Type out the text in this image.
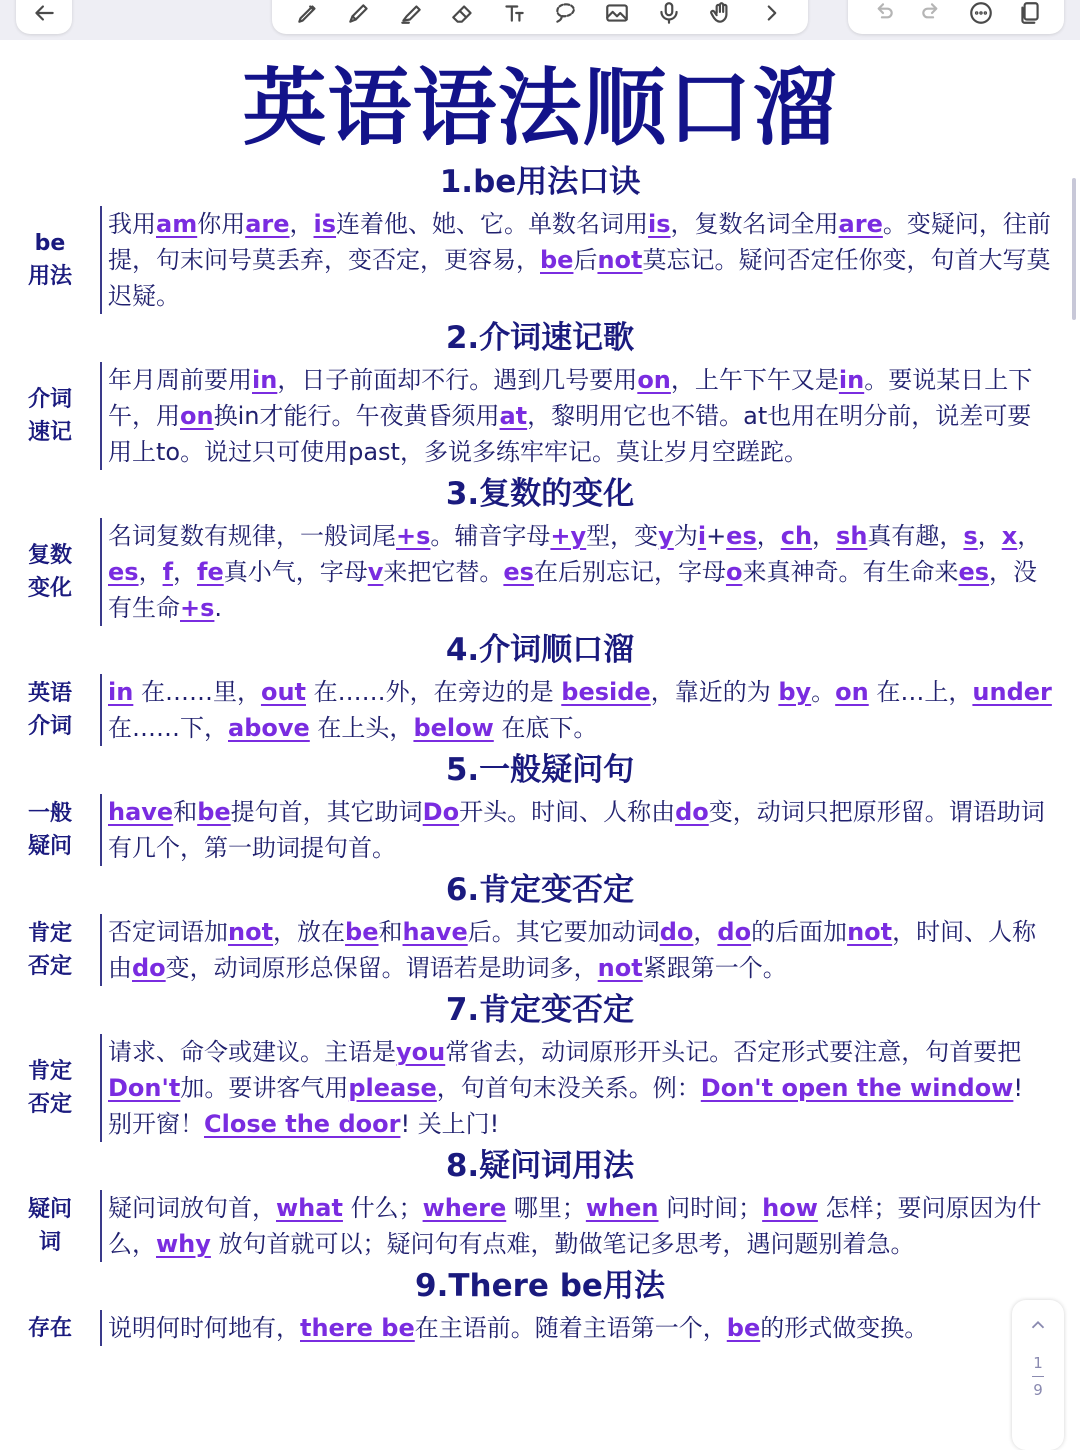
英语语法顺口溜
1.be用法口诀
be
用法

我用am你用are，is连着他、她、它。单数名词用is，复数名词全用are。变疑问，往前提，句末问号莫丢弃，变否定，更容易，be后not莫忘记。疑问否定任你变，句首大写莫迟疑。

2.介词速记歌
介词
速记

年月周前要用in，日子前面却不行。遇到几号要用on，上午下午又是in。要说某日上下午，用on换in才能行。午夜黄昏须用at，黎明用它也不错。at也用在明分前，说差可要用上to。说过只可使用past，多说多练牢牢记。莫让岁月空蹉跎。

3.复数的变化
复数
变化

名词复数有规律，一般词尾+s。辅音字母+y型，变y为i+es，ch，sh真有趣，s，x，es，f，fe真小气，字母v来把它替。es在后别忘记，字母o来真神奇。有生命来es，没有生命+s.

4.介词顺口溜
英语
介词

in 在……里，out 在……外，在旁边的是 beside，靠近的为 by。on 在…上，under 在……下，above 在上头，below 在底下。

5.一般疑问句
一般
疑问

have和be提句首，其它助词Do开头。时间、人称由do变，动词只把原形留。谓语助词有几个，第一助词提句首。

6.肯定变否定
肯定
否定

否定词语加not，放在be和have后。其它要加动词do，do的后面加not，时间、人称由do变，动词原形总保留。谓语若是助词多，not紧跟第一个。

7.肯定变否定
肯定
否定

请求、命令或建议。主语是you常省去，动词原形开头记。否定形式要注意，句首要把Don't加。要讲客气用please，句首句末没关系。例：Don't open the window! 别开窗！Close the door! 关上门!

8.疑问词用法
疑问
词

疑问词放句首，what 什么；where 哪里；when 问时间；how 怎样；要问原因为什么，why 放句首就可以；疑问句有点难，勤做笔记多思考，遇问题别着急。

9.There be用法
存在 说明何时何地有，there be在主语前。随着主语第一个，be的形式做变换。

1
9
